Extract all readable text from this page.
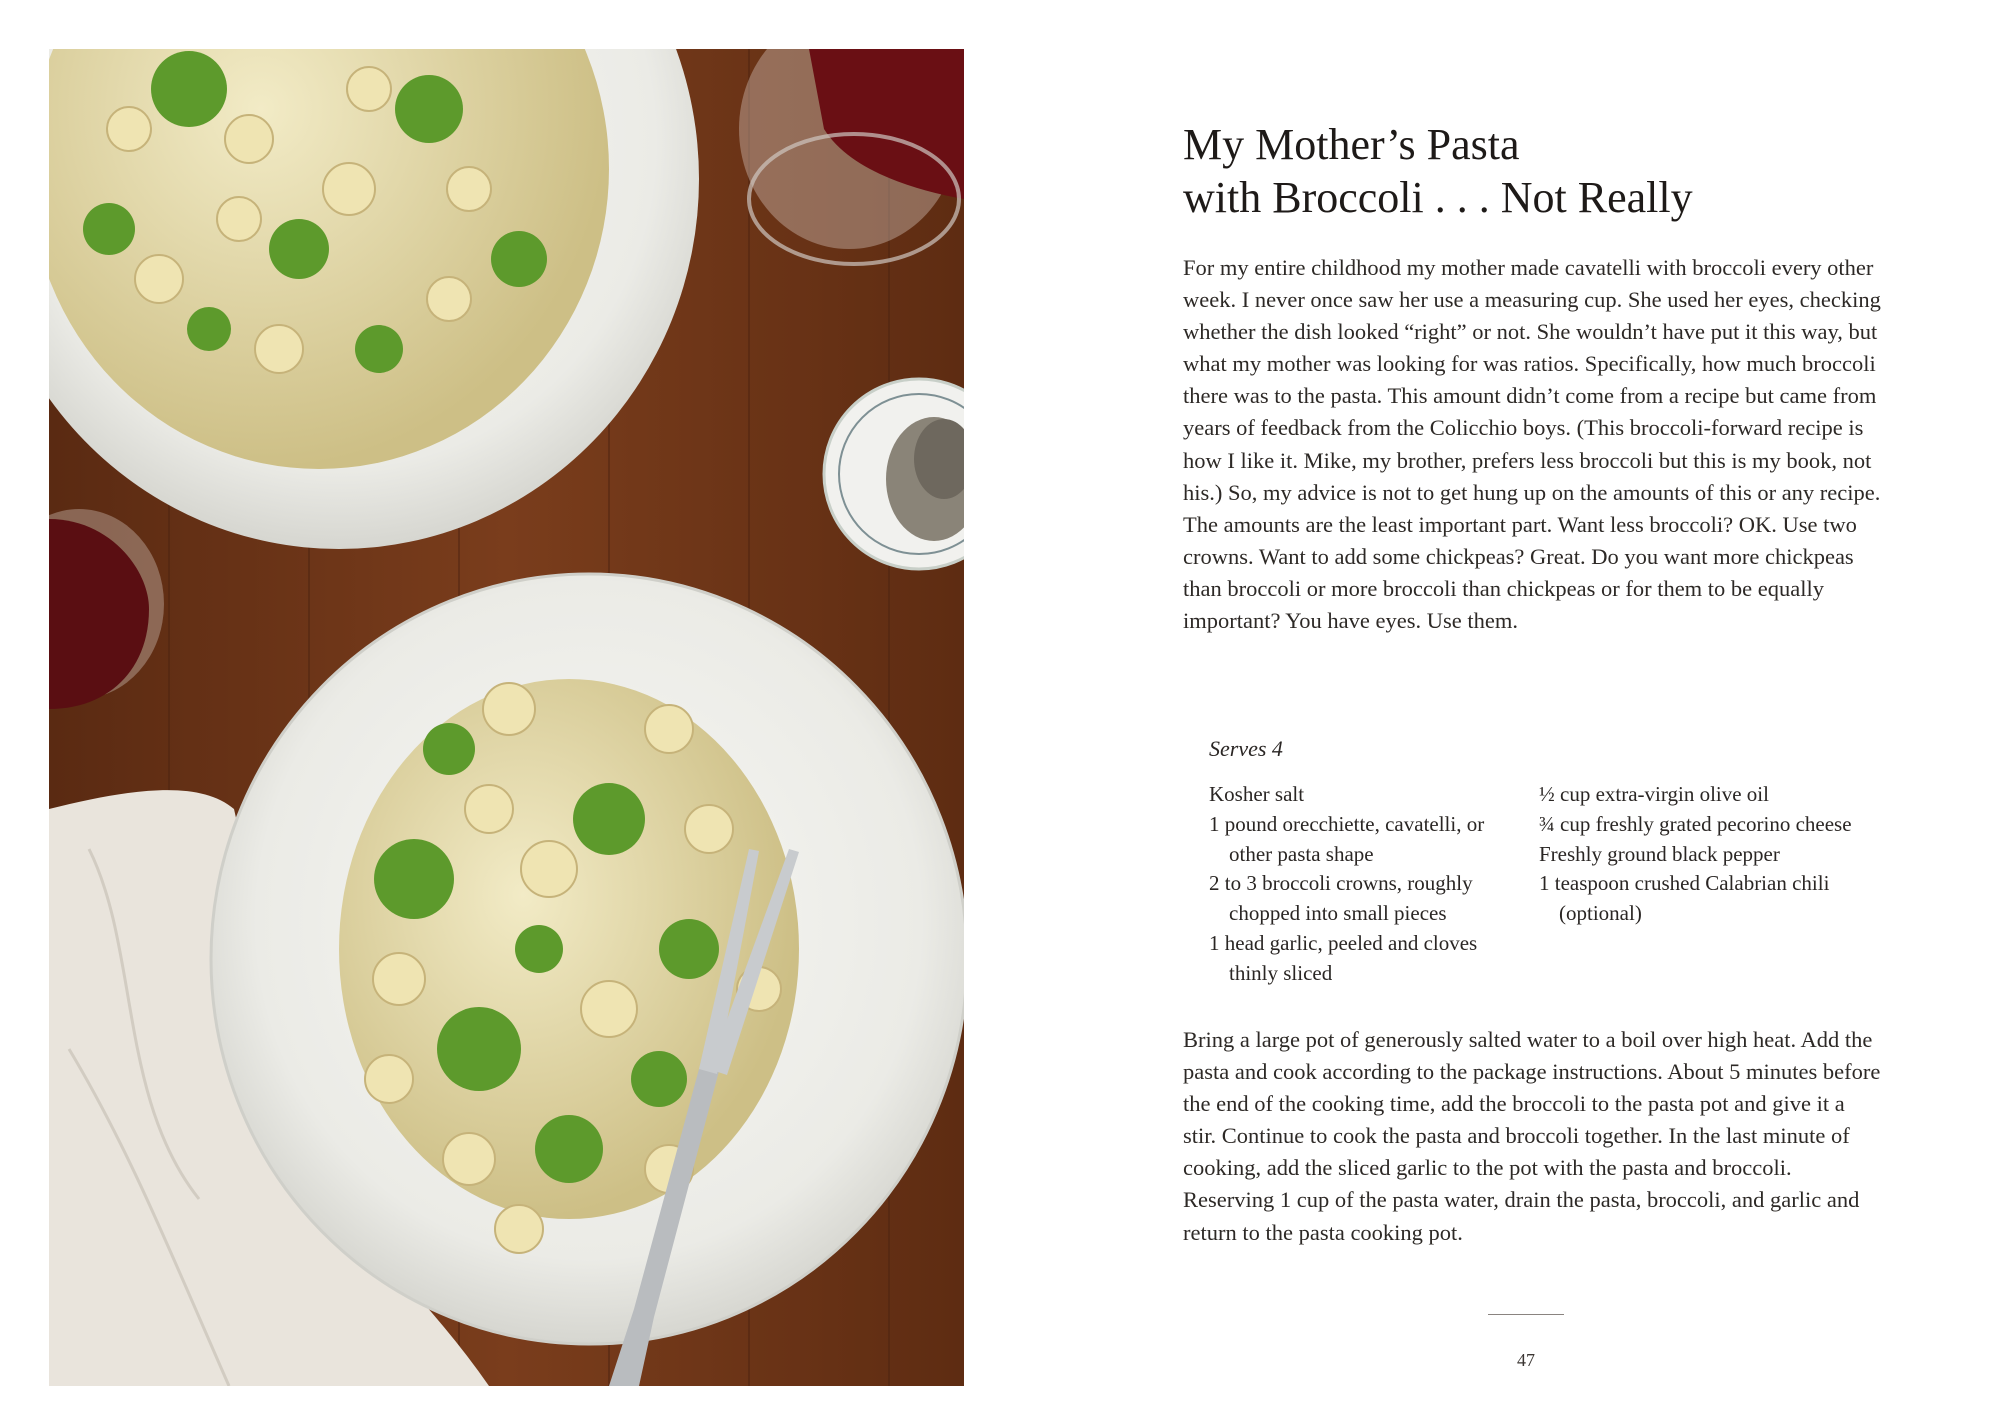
My Mother’s Pasta
with Broccoli . . . Not Really

For my entire childhood my mother made cavatelli with broccoli every other week. I never once saw her use a measuring cup. She used her eyes, checking whether the dish looked “right” or not. She wouldn’t have put it this way, but what my mother was looking for was ratios. Specifically, how much broccoli there was to the pasta. This amount didn’t come from a recipe but came from years of feedback from the Colicchio boys. (This broccoli-forward recipe is how I like it. Mike, my brother, prefers less broccoli but this is my book, not his.) So, my advice is not to get hung up on the amounts of this or any recipe. The amounts are the least important part. Want less broccoli? OK. Use two crowns. Want to add some chickpeas? Great. Do you want more chickpeas than broccoli or more broccoli than chickpeas or for them to be equally important? You have eyes. Use them.

Serves 4

Kosher salt
1 pound orecchiette, cavatelli, or other pasta shape
2 to 3 broccoli crowns, roughly chopped into small pieces
1 head garlic, peeled and cloves thinly sliced
½ cup extra-virgin olive oil
¾ cup freshly grated pecorino cheese
Freshly ground black pepper
1 teaspoon crushed Calabrian chili (optional)

Bring a large pot of generously salted water to a boil over high heat. Add the pasta and cook according to the package instructions. About 5 minutes before the end of the cooking time, add the broccoli to the pasta pot and give it a stir. Continue to cook the pasta and broccoli together. In the last minute of cooking, add the sliced garlic to the pot with the pasta and broccoli. Reserving 1 cup of the pasta water, drain the pasta, broccoli, and garlic and return to the pasta cooking pot.

47
